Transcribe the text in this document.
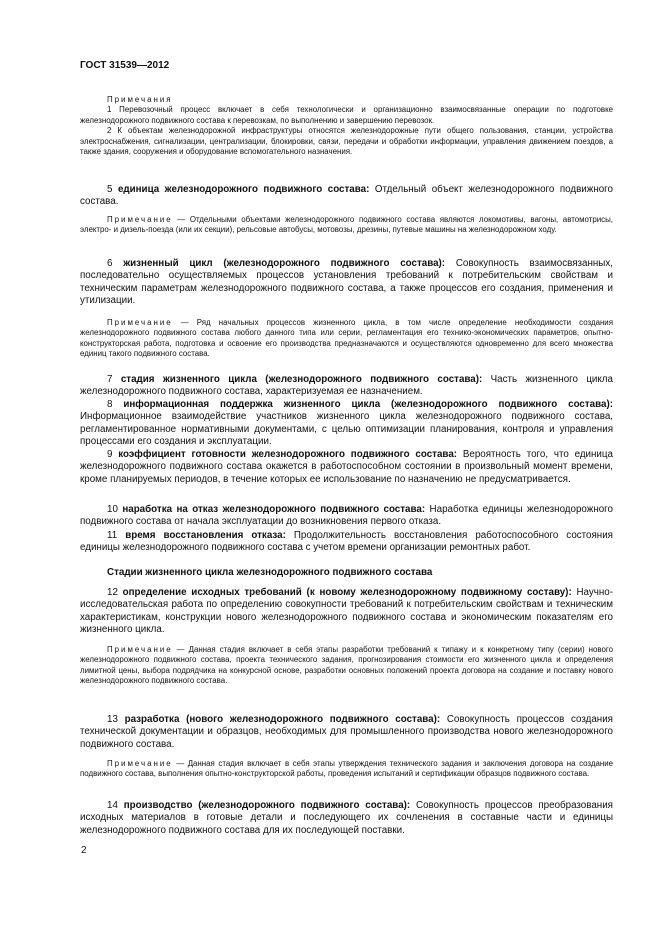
ГОСТ 31539—2012
Примечания
1 Перевозочный процесс включает в себя технологически и организационно взаимосвязанные операции по подготовке железнодорожного подвижного состава к перевозкам, по выполнению и завершению перевозок.
2 К объектам железнодорожной инфраструктуры относятся железнодорожные пути общего пользования, станции, устройства электроснабжения, сигнализации, централизации, блокировки, связи, передачи и обработки информации, управления движением поездов, а также здания, сооружения и оборудование вспомогательного назначения.
5 единица железнодорожного подвижного состава: Отдельный объект железнодорожного подвижного состава.
Примечание — Отдельными объектами железнодорожного подвижного состава являются локомотивы, вагоны, автомотрисы, электро- и дизель-поезда (или их секции), рельсовые автобусы, мотовозы, дрезины, путевые машины на железнодорожном ходу.
6 жизненный цикл (железнодорожного подвижного состава): Совокупность взаимосвязанных, последовательно осуществляемых процессов установления требований к потребительским свойствам и техническим параметрам железнодорожного подвижного состава, а также процессов его создания, применения и утилизации.
Примечание — Ряд начальных процессов жизненного цикла, в том числе определение необходимости создания железнодорожного подвижного состава любого данного типа или серии, регламентация его технико-экономических параметров, опытно-конструкторская работа, подготовка и освоение его производства предназначаются и осуществляются одновременно для всего множества единиц такого подвижного состава.
7 стадия жизненного цикла (железнодорожного подвижного состава): Часть жизненного цикла железнодорожного подвижного состава, характеризуемая ее назначением.
8 информационная поддержка жизненного цикла (железнодорожного подвижного состава): Информационное взаимодействие участников жизненного цикла железнодорожного подвижного состава, регламентированное нормативными документами, с целью оптимизации планирования, контроля и управления процессами его создания и эксплуатации.
9 коэффициент готовности железнодорожного подвижного состава: Вероятность того, что единица железнодорожного подвижного состава окажется в работоспособном состоянии в произвольный момент времени, кроме планируемых периодов, в течение которых ее использование по назначению не предусматривается.
10 наработка на отказ железнодорожного подвижного состава: Наработка единицы железнодорожного подвижного состава от начала эксплуатации до возникновения первого отказа.
11 время восстановления отказа: Продолжительность восстановления работоспособного состояния единицы железнодорожного подвижного состава с учетом времени организации ремонтных работ.
Стадии жизненного цикла железнодорожного подвижного состава
12 определение исходных требований (к новому железнодорожному подвижному составу): Научно-исследовательская работа по определению совокупности требований к потребительским свойствам и техническим характеристикам, конструкции нового железнодорожного подвижного состава и экономическим показателям его жизненного цикла.
Примечание — Данная стадия включает в себя этапы разработки требований к типажу и к конкретному типу (серии) нового железнодорожного подвижного состава, проекта технического задания, прогнозирования стоимости его жизненного цикла и определения лимитной цены, выбора подрядчика на конкурсной основе, разработки основных положений проекта договора на создание и поставку нового железнодорожного подвижного состава.
13 разработка (нового железнодорожного подвижного состава): Совокупность процессов создания технической документации и образцов, необходимых для промышленного производства нового железнодорожного подвижного состава.
Примечание — Данная стадия включает в себя этапы утверждения технического задания и заключения договора на создание подвижного состава, выполнения опытно-конструкторской работы, проведения испытаний и сертификации образцов подвижного состава.
14 производство (железнодорожного подвижного состава): Совокупность процессов преобразования исходных материалов в готовые детали и последующего их сочленения в составные части и единицы железнодорожного подвижного состава для их последующей поставки.
2
